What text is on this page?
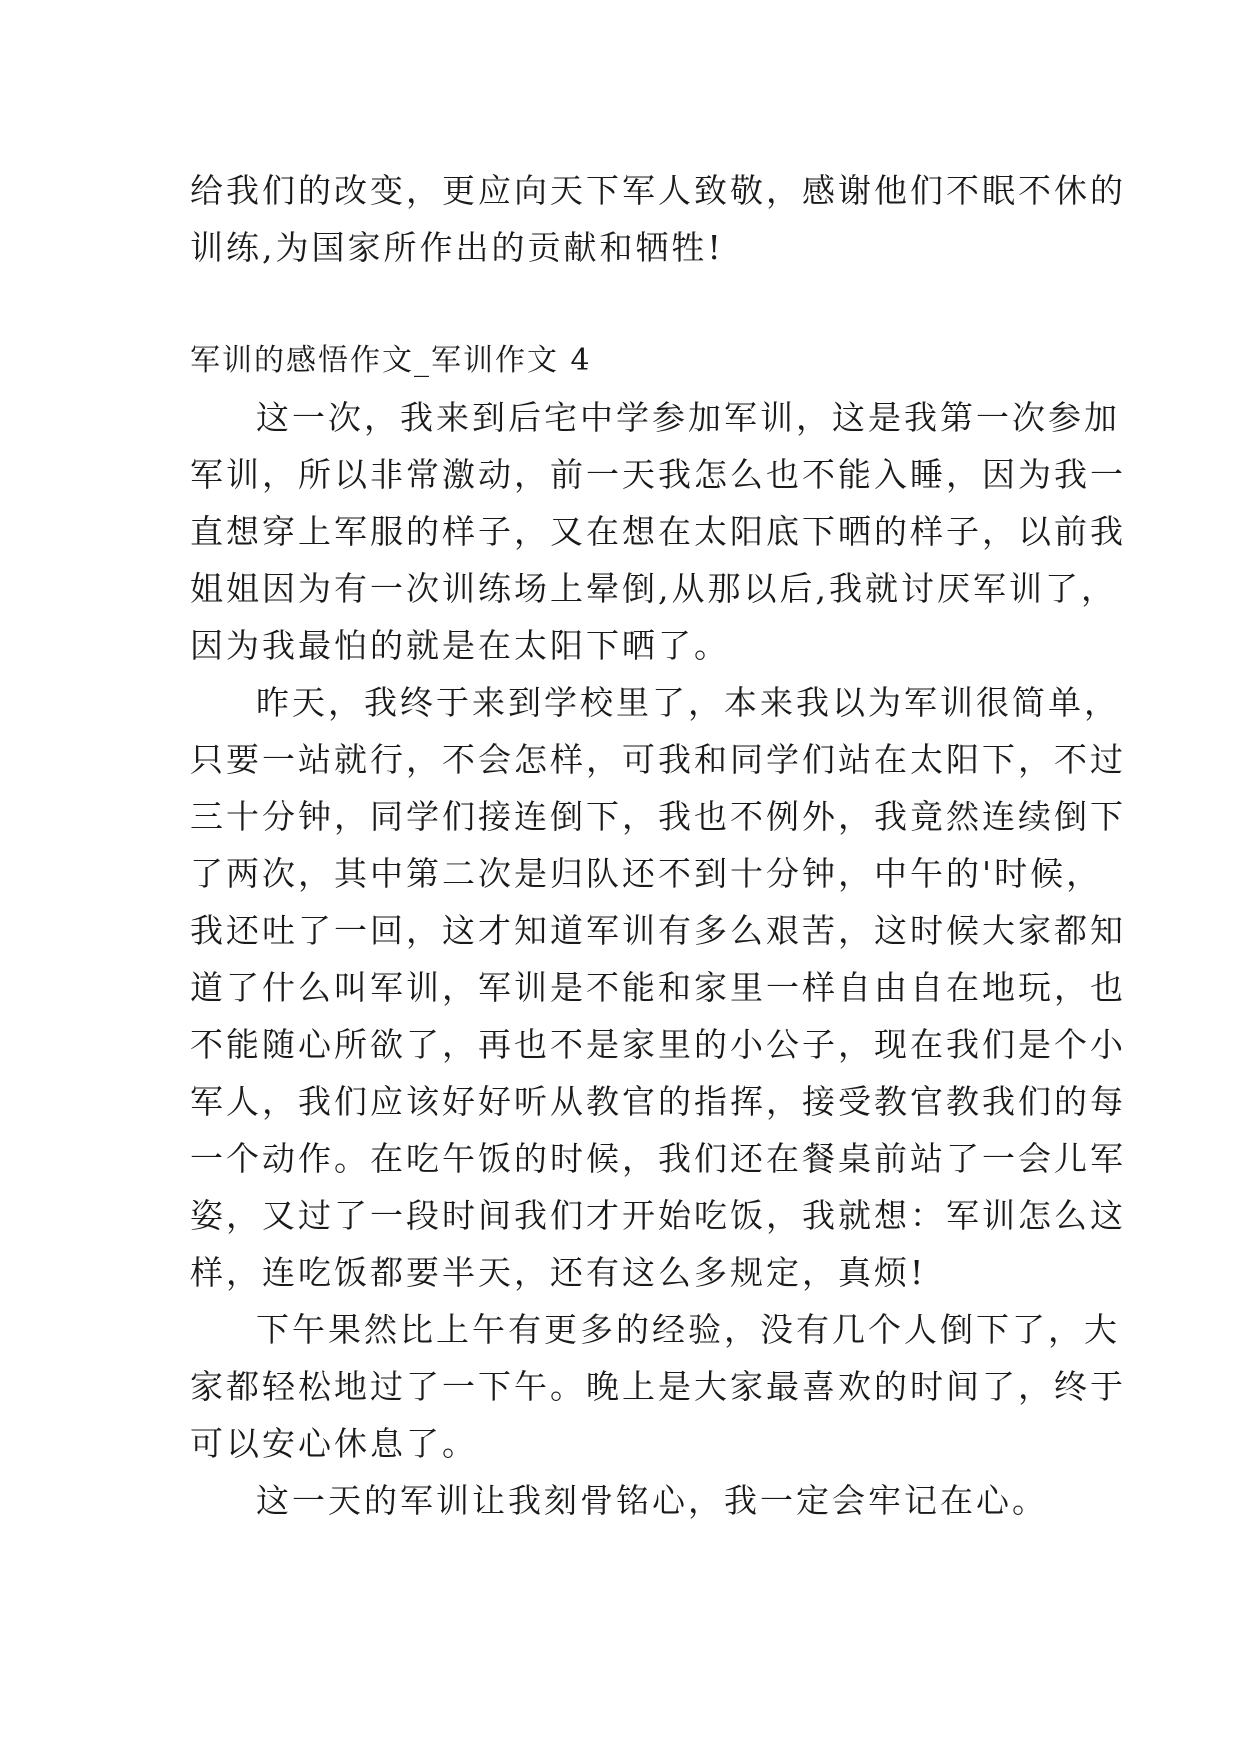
给我们的改变，更应向天下军人致敬，感谢他们不眠不休的
训练,为国家所作出的贡献和牺牲!
军训的感悟作文_军训作文 4
这一次，我来到后宅中学参加军训，这是我第一次参加
军训，所以非常激动，前一天我怎么也不能入睡，因为我一
直想穿上军服的样子，又在想在太阳底下晒的样子，以前我
姐姐因为有一次训练场上晕倒,从那以后,我就讨厌军训了，
因为我最怕的就是在太阳下晒了。
昨天，我终于来到学校里了，本来我以为军训很简单，
只要一站就行，不会怎样，可我和同学们站在太阳下，不过
三十分钟，同学们接连倒下，我也不例外，我竟然连续倒下
了两次，其中第二次是归队还不到十分钟，中午的'时候，
我还吐了一回，这才知道军训有多么艰苦，这时候大家都知
道了什么叫军训，军训是不能和家里一样自由自在地玩，也
不能随心所欲了，再也不是家里的小公子，现在我们是个小
军人，我们应该好好听从教官的指挥，接受教官教我们的每
一个动作。在吃午饭的时候，我们还在餐桌前站了一会儿军
姿，又过了一段时间我们才开始吃饭，我就想：军训怎么这
样，连吃饭都要半天，还有这么多规定，真烦!
下午果然比上午有更多的经验，没有几个人倒下了，大
家都轻松地过了一下午。晚上是大家最喜欢的时间了，终于
可以安心休息了。
这一天的军训让我刻骨铭心，我一定会牢记在心。
